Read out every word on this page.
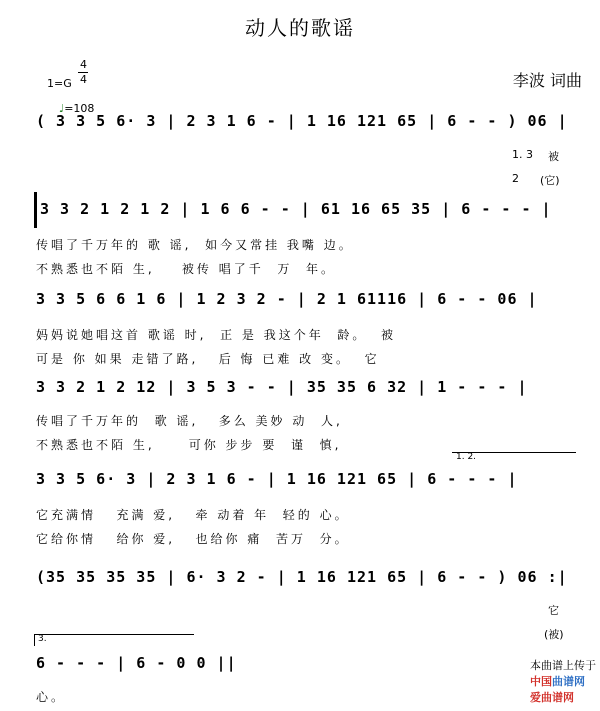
动人的歌谣
李波 词曲

1=G

4
4

♩=108

( 3 3 5 6· 3 | 2 3 1 6 - | 1 16 121 65 | 6 - - ) 06 |
1. 3 被
2 (它)
3 3 2 1 2 1 2 | 1 6 6 - - | 61 16 65 35 | 6 - - - |
传唱了千万年的 歌 谣,  如今又常挂 我嘴 边。
不熟悉也不陌 生,    被传 唱了千  万  年。
3 3 5 6 6 1 6 | 1 2 3 2 - | 2 1 61116 | 6 - - 06 |
妈妈说她唱这首 歌谣 时,  正 是 我这个年  龄。  被
可是 你 如果 走错了路,   后 悔 已难 改 变。  它
3 3 2 1 2 12 | 3 5 3 - - | 35 35 6 32 | 1 - - - |
传唱了千万年的  歌 谣,   多么 美妙 动  人,
不熟悉也不陌 生,     可你 步步 要  谨  慎,
1. 2.
3 3 5 6· 3 | 2 3 1 6 - | 1 16 121 65 | 6 - - - |
它充满情   充满 爱,   牵 动着 年  轻的 心。
它给你情   给你 爱,   也给你 痛  苦万  分。
(35 35 35 35 | 6· 3 2 - | 1 16 121 65 | 6 - - ) 06 :|
它
(被)
3.
6 - - - | 6 - 0 0 ||
心。

本曲谱上传于
中国曲谱网
爱曲谱网
